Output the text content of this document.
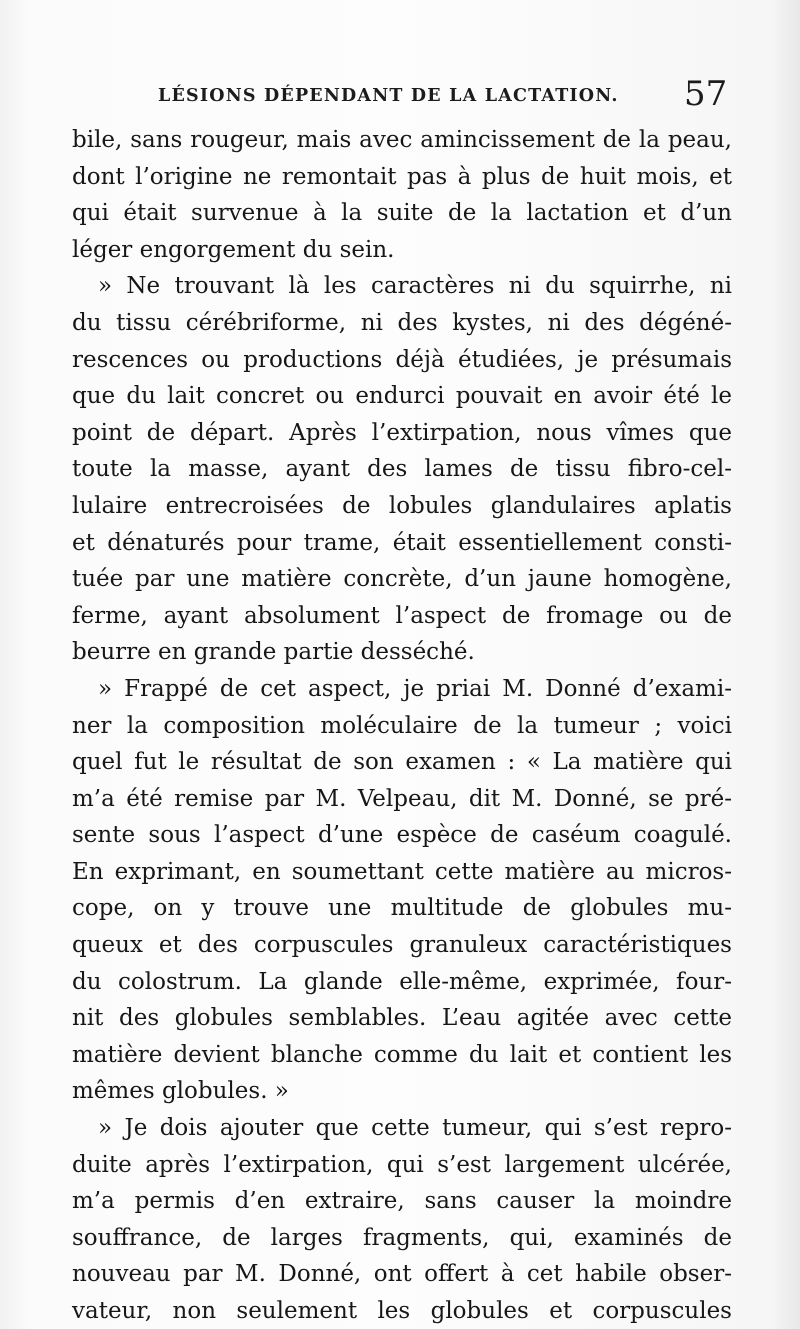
LÉSIONS DÉPENDANT DE LA LACTATION. 57
bile, sans rougeur, mais avec amincissement de la peau,
dont l’origine ne remontait pas à plus de huit mois, et
qui était survenue à la suite de la lactation et d’un
léger engorgement du sein.
» Ne trouvant là les caractères ni du squirrhe, ni
du tissu cérébriforme, ni des kystes, ni des dégéné-
rescences ou productions déjà étudiées, je présumais
que du lait concret ou endurci pouvait en avoir été le
point de départ. Après l’extirpation, nous vîmes que
toute la masse, ayant des lames de tissu fibro-cel-
lulaire entrecroisées de lobules glandulaires aplatis
et dénaturés pour trame, était essentiellement consti-
tuée par une matière concrète, d’un jaune homogène,
ferme, ayant absolument l’aspect de fromage ou de
beurre en grande partie desséché.
» Frappé de cet aspect, je priai M. Donné d’exami-
ner la composition moléculaire de la tumeur ; voici
quel fut le résultat de son examen : « La matière qui
m’a été remise par M. Velpeau, dit M. Donné, se pré-
sente sous l’aspect d’une espèce de caséum coagulé.
En exprimant, en soumettant cette matière au micros-
cope, on y trouve une multitude de globules mu-
queux et des corpuscules granuleux caractéristiques
du colostrum. La glande elle-même, exprimée, four-
nit des globules semblables. L’eau agitée avec cette
matière devient blanche comme du lait et contient les
mêmes globules. »
» Je dois ajouter que cette tumeur, qui s’est repro-
duite après l’extirpation, qui s’est largement ulcérée,
m’a permis d’en extraire, sans causer la moindre
souffrance, de larges fragments, qui, examinés de
nouveau par M. Donné, ont offert à cet habile obser-
vateur, non seulement les globules et corpuscules
